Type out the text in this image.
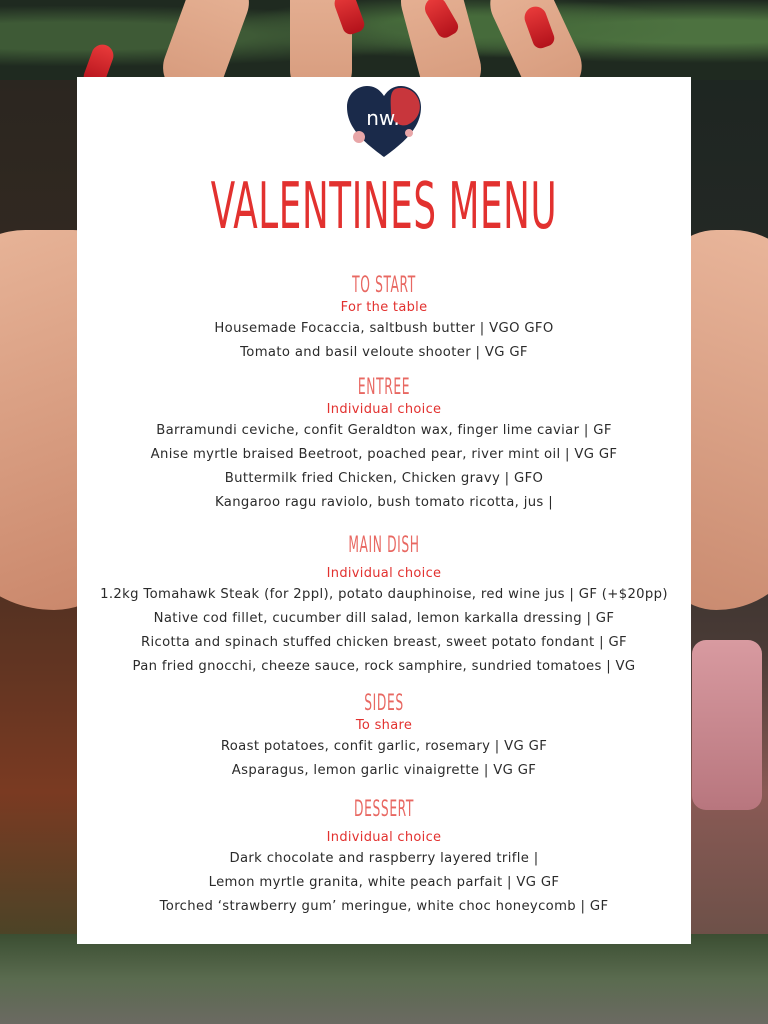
nw.
VALENTINES MENU
TO START
For the table
Housemade Focaccia, saltbush butter | VGO GFO
Tomato and basil veloute shooter | VG GF
ENTREE
Individual choice
Barramundi ceviche, confit Geraldton wax, finger lime caviar | GF
Anise myrtle braised Beetroot, poached pear, river mint oil | VG GF
Buttermilk fried Chicken, Chicken gravy | GFO
Kangaroo ragu raviolo, bush tomato ricotta, jus |
MAIN DISH
Individual choice
1.2kg Tomahawk Steak (for 2ppl), potato dauphinoise, red wine jus | GF (+$20pp)
Native cod fillet, cucumber dill salad, lemon karkalla dressing | GF
Ricotta and spinach stuffed chicken breast, sweet potato fondant | GF
Pan fried gnocchi, cheeze sauce, rock samphire, sundried tomatoes | VG
SIDES
To share
Roast potatoes, confit garlic, rosemary | VG GF
Asparagus, lemon garlic vinaigrette | VG GF
DESSERT
Individual choice
Dark chocolate and raspberry layered trifle |
Lemon myrtle granita, white peach parfait | VG GF
Torched ‘strawberry gum’ meringue, white choc honeycomb | GF
